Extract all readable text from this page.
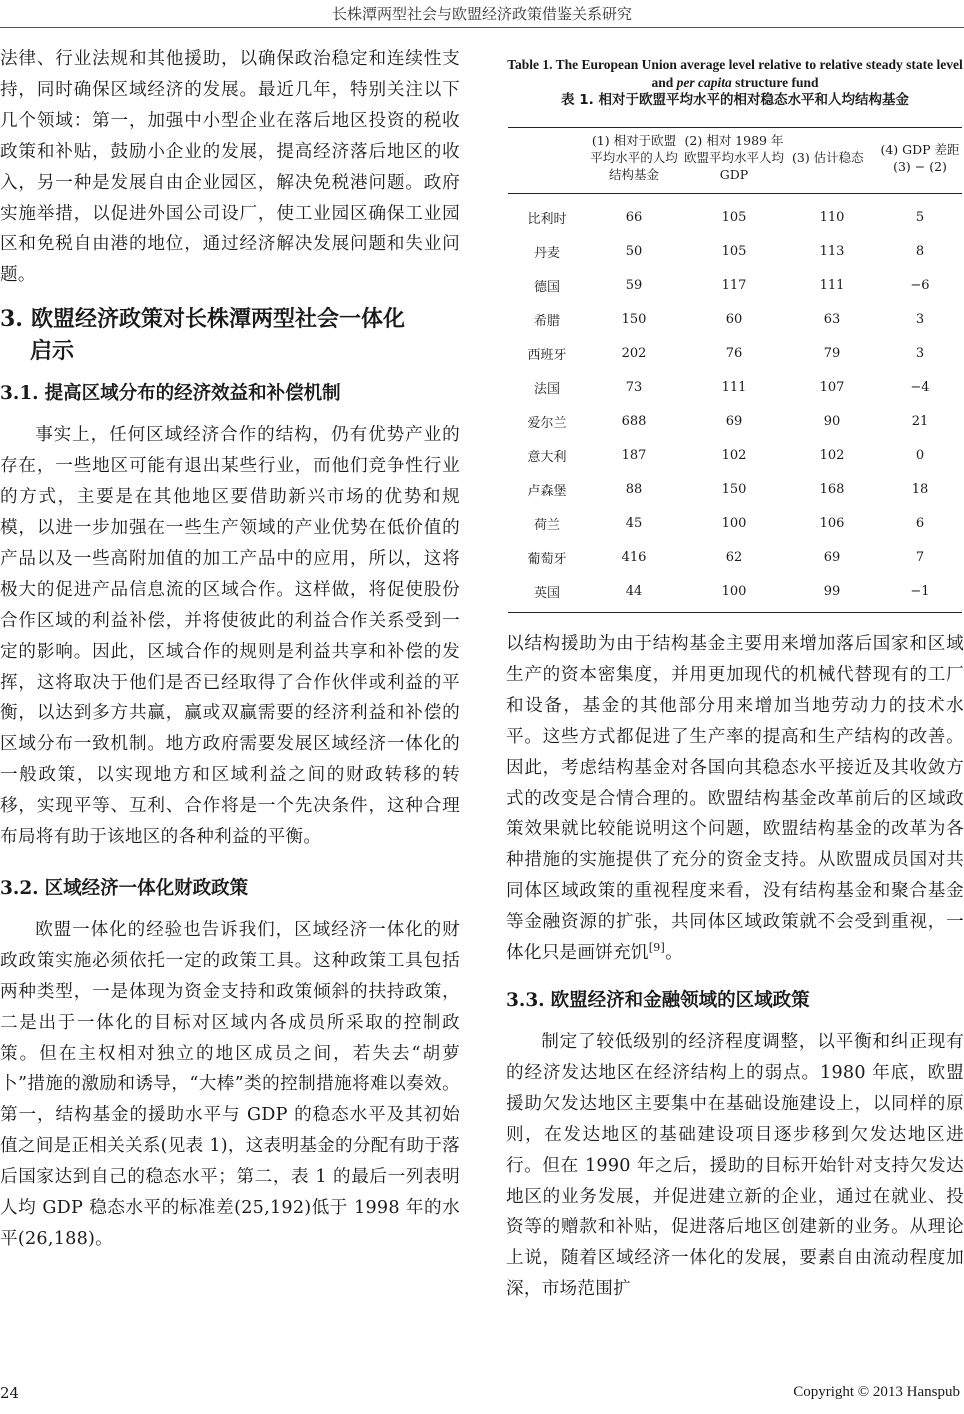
长株潭两型社会与欧盟经济政策借鉴关系研究

法律、行业法规和其他援助，以确保政治稳定和连续性支持，同时确保区域经济的发展。最近几年，特别关注以下几个领域：第一，加强中小型企业在落后地区投资的税收政策和补贴，鼓励小企业的发展，提高经济落后地区的收入，另一种是发展自由企业园区，解决免税港问题。政府实施举措，以促进外国公司设厂，使工业园区确保工业园区和免税自由港的地位，通过经济解决发展问题和失业问题。

3. 欧盟经济政策对长株潭两型社会一体化
启示
3.1. 提高区域分布的经济效益和补偿机制

事实上，任何区域经济合作的结构，仍有优势产业的存在，一些地区可能有退出某些行业，而他们竞争性行业的方式，主要是在其他地区要借助新兴市场的优势和规模，以进一步加强在一些生产领域的产业优势在低价值的产品以及一些高附加值的加工产品中的应用，所以，这将极大的促进产品信息流的区域合作。这样做，将促使股份合作区域的利益补偿，并将使彼此的利益合作关系受到一定的影响。因此，区域合作的规则是利益共享和补偿的发挥，这将取决于他们是否已经取得了合作伙伴或利益的平衡，以达到多方共赢，赢或双赢需要的经济利益和补偿的区域分布一致机制。地方政府需要发展区域经济一体化的一般政策，以实现地方和区域利益之间的财政转移的转移，实现平等、互利、合作将是一个先决条件，这种合理布局将有助于该地区的各种利益的平衡。

3.2. 区域经济一体化财政政策

欧盟一体化的经验也告诉我们，区域经济一体化的财政政策实施必须依托一定的政策工具。这种政策工具包括两种类型，一是体现为资金支持和政策倾斜的扶持政策，二是出于一体化的目标对区域内各成员所采取的控制政策。但在主权相对独立的地区成员之间，若失去“胡萝卜”措施的激励和诱导，“大棒”类的控制措施将难以奏效。第一，结构基金的援助水平与 GDP 的稳态水平及其初始值之间是正相关关系(见表 1)，这表明基金的分配有助于落后国家达到自己的稳态水平；第二，表 1 的最后一列表明人均 GDP 稳态水平的标准差(25,192)低于 1998 年的水平(26,188)。

Table 1. The European Union average level relative to relative steady state level and per capita structure fund
表 1. 相对于欧盟平均水平的相对稳态水平和人均结构基金
	(1) 相对于欧盟平均水平的人均结构基金	(2) 相对 1989 年欧盟平均水平人均 GDP	(3) 估计稳态	(4) GDP 差距 (3) − (2)
比利时	66	105	110	5
丹麦	50	105	113	8
德国	59	117	111	−6
希腊	150	60	63	3
西班牙	202	76	79	3
法国	73	111	107	−4
爱尔兰	688	69	90	21
意大利	187	102	102	0
卢森堡	88	150	168	18
荷兰	45	100	106	6
葡萄牙	416	62	69	7
英国	44	100	99	−1

以结构援助为由于结构基金主要用来增加落后国家和区域生产的资本密集度，并用更加现代的机械代替现有的工厂和设备，基金的其他部分用来增加当地劳动力的技术水平。这些方式都促进了生产率的提高和生产结构的改善。因此，考虑结构基金对各国向其稳态水平接近及其收敛方式的改变是合情合理的。欧盟结构基金改革前后的区域政策效果就比较能说明这个问题，欧盟结构基金的改革为各种措施的实施提供了充分的资金支持。从欧盟成员国对共同体区域政策的重视程度来看，没有结构基金和聚合基金等金融资源的扩张，共同体区域政策就不会受到重视，一体化只是画饼充饥[9]。

3.3. 欧盟经济和金融领域的区域政策

制定了较低级别的经济程度调整，以平衡和纠正现有的经济发达地区在经济结构上的弱点。1980 年底，欧盟援助欠发达地区主要集中在基础设施建设上，以同样的原则，在发达地区的基础建设项目逐步移到欠发达地区进行。但在 1990 年之后，援助的目标开始针对支持欠发达地区的业务发展，并促进建立新的企业，通过在就业、投资等的赠款和补贴，促进落后地区创建新的业务。从理论上说，随着区域经济一体化的发展，要素自由流动程度加深，市场范围扩

24	Copyright © 2013 Hanspub
